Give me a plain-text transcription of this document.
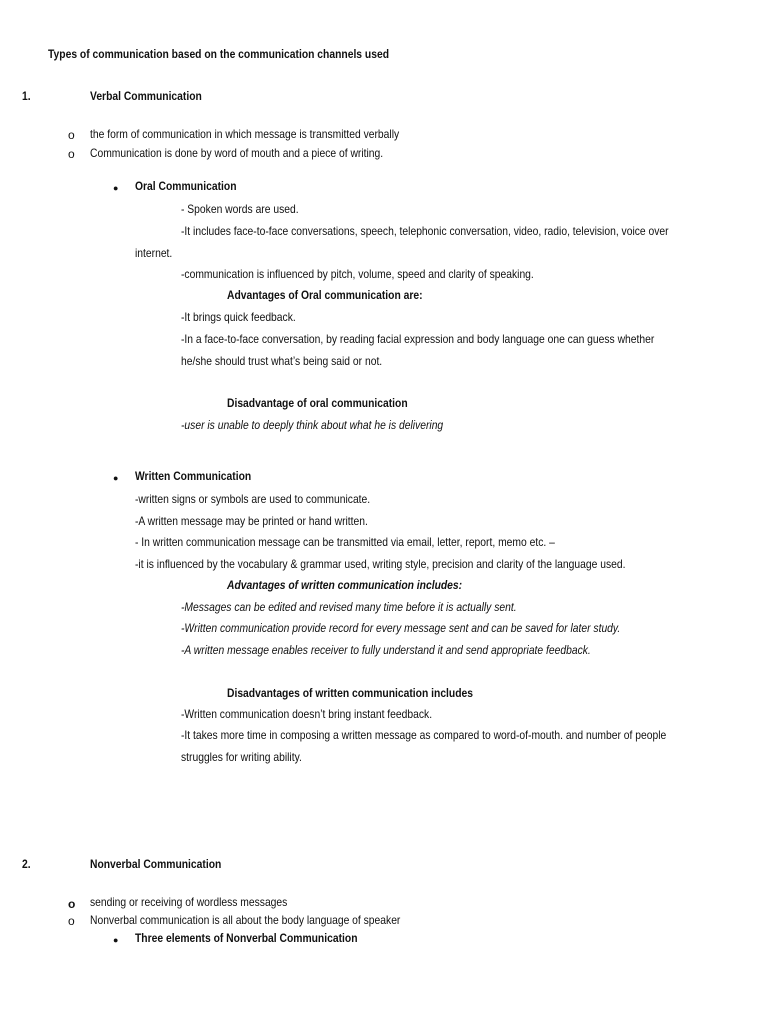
Types of communication based on the communication channels used
1.	Verbal Communication
o the form of communication in which message is transmitted verbally
o Communication is done by word of mouth and a piece of writing.
● Oral Communication
- Spoken words are used.
-It includes face-to-face conversations, speech, telephonic conversation, video, radio, television, voice over
internet.
-communication is influenced by pitch, volume, speed and clarity of speaking.
Advantages of Oral communication are:
-It brings quick feedback.
-In a face-to-face conversation, by reading facial expression and body language one can guess whether
he/she should trust what’s being said or not.
Disadvantage of oral communication
-user is unable to deeply think about what he is delivering
● Written Communication
-written signs or symbols are used to communicate.
-A written message may be printed or hand written.
- In written communication message can be transmitted via email, letter, report, memo etc. –
-it is influenced by the vocabulary & grammar used, writing style, precision and clarity of the language used.
Advantages of written communication includes:
-Messages can be edited and revised many time before it is actually sent.
-Written communication provide record for every message sent and can be saved for later study.
-A written message enables receiver to fully understand it and send appropriate feedback.
Disadvantages of written communication includes
-Written communication doesn’t bring instant feedback.
-It takes more time in composing a written message as compared to word-of-mouth. and number of people
struggles for writing ability.
2.	Nonverbal Communication
o sending or receiving of wordless messages
o Nonverbal communication is all about the body language of speaker
● Three elements of Nonverbal Communication
